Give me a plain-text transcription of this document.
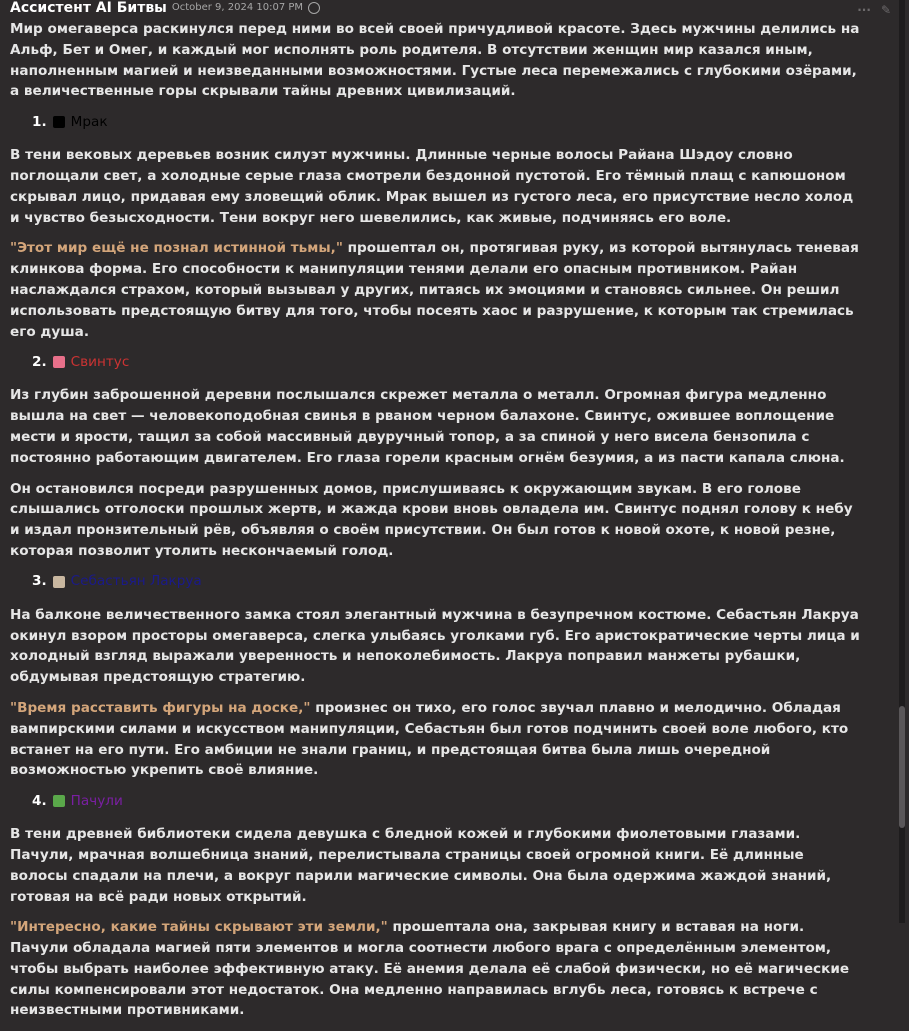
··· ✎
Ассистент AI Битвы October 9, 2024 10:07 PM

Мир омегаверса раскинулся перед ними во всей своей причудливой красоте. Здесь мужчины делились на Альф, Бет и Омег, и каждый мог исполнять роль родителя. В отсутствии женщин мир казался иным, наполненным магией и неизведанными возможностями. Густые леса перемежались с глубокими озёрами, а величественные горы скрывали тайны древних цивилизаций.

1. Мрак

В тени вековых деревьев возник силуэт мужчины. Длинные черные волосы Райана Шэдоу словно поглощали свет, а холодные серые глаза смотрели бездонной пустотой. Его тёмный плащ с капюшоном скрывал лицо, придавая ему зловещий облик. Мрак вышел из густого леса, его присутствие несло холод и чувство безысходности. Тени вокруг него шевелились, как живые, подчиняясь его воле.

"Этот мир ещё не познал истинной тьмы," прошептал он, протягивая руку, из которой вытянулась теневая клинкова форма. Его способности к манипуляции тенями делали его опасным противником. Райан наслаждался страхом, который вызывал у других, питаясь их эмоциями и становясь сильнее. Он решил использовать предстоящую битву для того, чтобы посеять хаос и разрушение, к которым так стремилась его душа.

2. Свинтус

Из глубин заброшенной деревни послышался скрежет металла о металл. Огромная фигура медленно вышла на свет — человекоподобная свинья в рваном черном балахоне. Свинтус, ожившее воплощение мести и ярости, тащил за собой массивный двуручный топор, а за спиной у него висела бензопила с постоянно работающим двигателем. Его глаза горели красным огнём безумия, а из пасти капала слюна.

Он остановился посреди разрушенных домов, прислушиваясь к окружающим звукам. В его голове слышались отголоски прошлых жертв, и жажда крови вновь овладела им. Свинтус поднял голову к небу и издал пронзительный рёв, объявляя о своём присутствии. Он был готов к новой охоте, к новой резне, которая позволит утолить нескончаемый голод.

3. Себастьян Лакруа

На балконе величественного замка стоял элегантный мужчина в безупречном костюме. Себастьян Лакруа окинул взором просторы омегаверса, слегка улыбаясь уголками губ. Его аристократические черты лица и холодный взгляд выражали уверенность и непоколебимость. Лакруа поправил манжеты рубашки, обдумывая предстоящую стратегию.

"Время расставить фигуры на доске," произнес он тихо, его голос звучал плавно и мелодично. Обладая вампирскими силами и искусством манипуляции, Себастьян был готов подчинить своей воле любого, кто встанет на его пути. Его амбиции не знали границ, и предстоящая битва была лишь очередной возможностью укрепить своё влияние.

4. Пачули

В тени древней библиотеки сидела девушка с бледной кожей и глубокими фиолетовыми глазами. Пачули, мрачная волшебница знаний, перелистывала страницы своей огромной книги. Её длинные волосы спадали на плечи, а вокруг парили магические символы. Она была одержима жаждой знаний, готовая на всё ради новых открытий.

"Интересно, какие тайны скрывают эти земли," прошептала она, закрывая книгу и вставая на ноги. Пачули обладала магией пяти элементов и могла соотнести любого врага с определённым элементом, чтобы выбрать наиболее эффективную атаку. Её анемия делала её слабой физически, но её магические силы компенсировали этот недостаток. Она медленно направилась вглубь леса, готовясь к встрече с неизвестными противниками.
